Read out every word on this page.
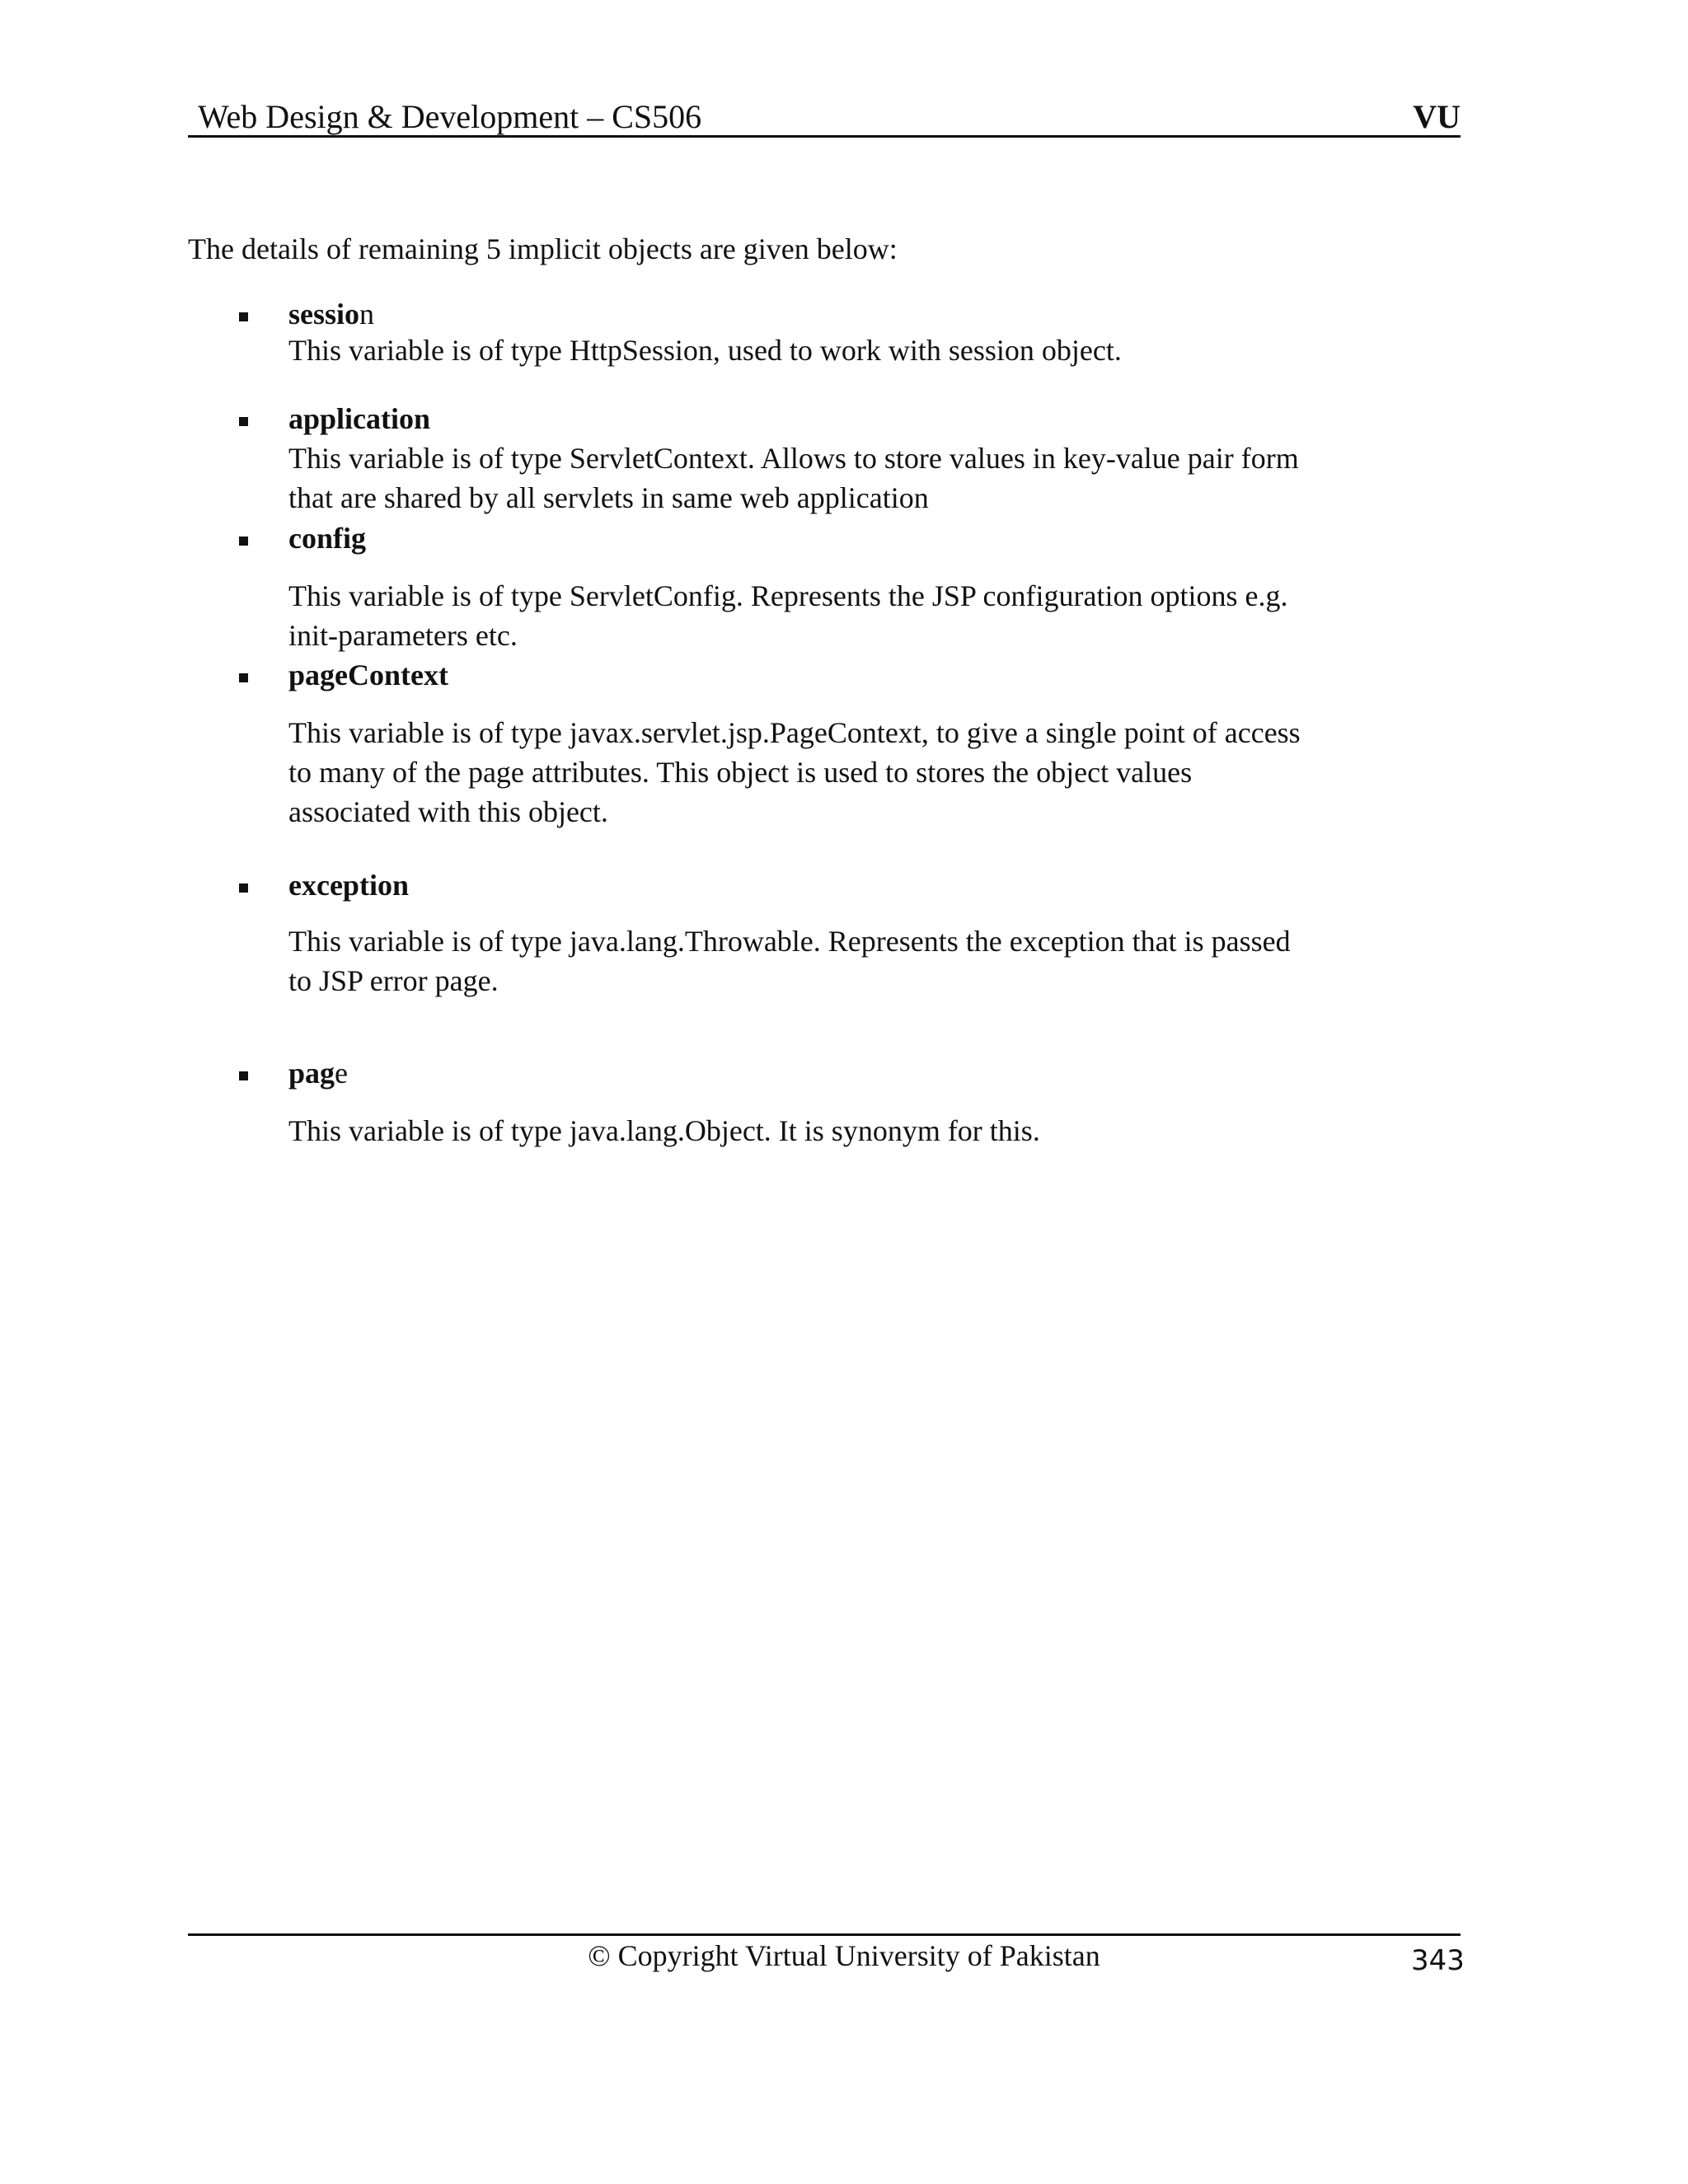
Web Design & Development – CS506	VU
The details of remaining 5 implicit objects are given below:
session
This variable is of type HttpSession, used to work with session object.
application
This variable is of type ServletContext. Allows to store values in key-value pair form
that are shared by all servlets in same web application
config
This variable is of type ServletConfig. Represents the JSP configuration options e.g.
init-parameters etc.
pageContext
This variable is of type javax.servlet.jsp.PageContext, to give a single point of access
to many of the page attributes. This object is used to stores the object values
associated with this object.
exception
This variable is of type java.lang.Throwable. Represents the exception that is passed
to JSP error page.
page
This variable is of type java.lang.Object. It is synonym for this.
© Copyright Virtual University of Pakistan	343
